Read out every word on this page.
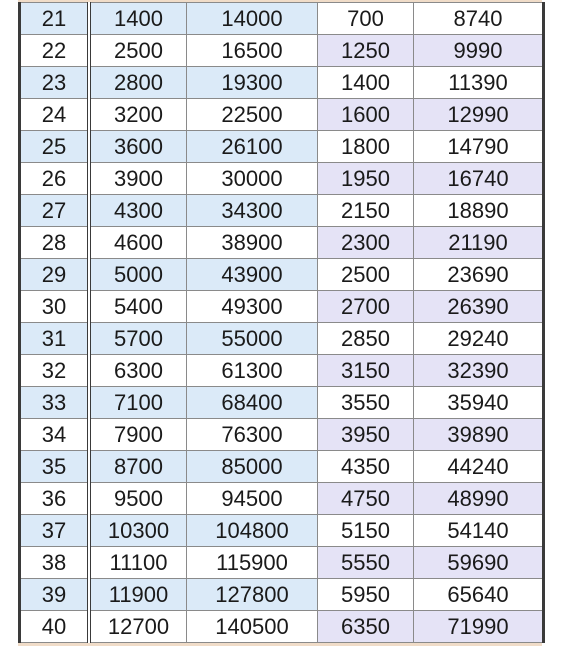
21	1400	14000	700	8740
22	2500	16500	1250	9990
23	2800	19300	1400	11390
24	3200	22500	1600	12990
25	3600	26100	1800	14790
26	3900	30000	1950	16740
27	4300	34300	2150	18890
28	4600	38900	2300	21190
29	5000	43900	2500	23690
30	5400	49300	2700	26390
31	5700	55000	2850	29240
32	6300	61300	3150	32390
33	7100	68400	3550	35940
34	7900	76300	3950	39890
35	8700	85000	4350	44240
36	9500	94500	4750	48990
37	10300	104800	5150	54140
38	11100	115900	5550	59690
39	11900	127800	5950	65640
40	12700	140500	6350	71990
